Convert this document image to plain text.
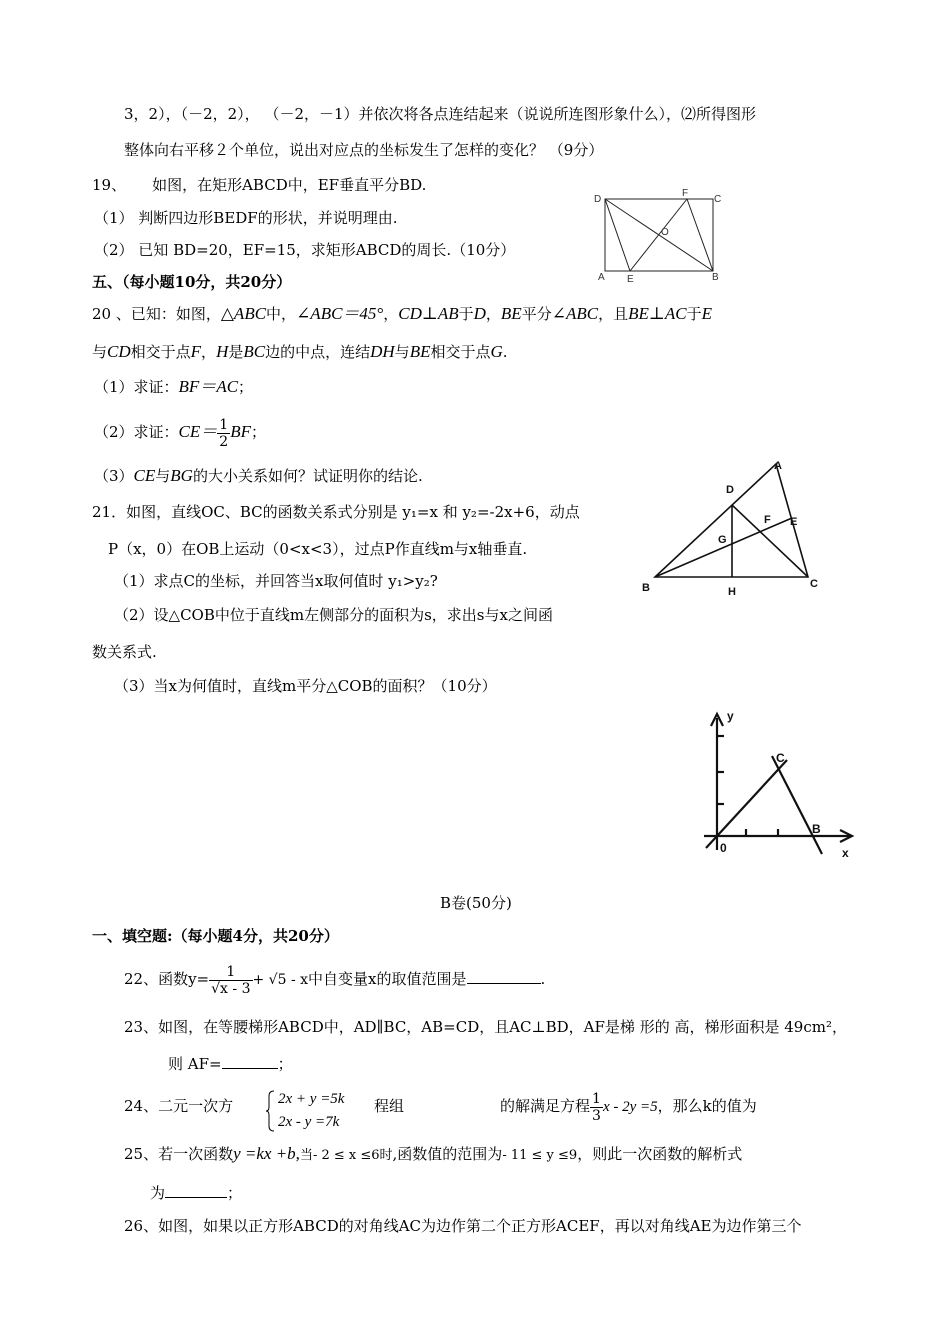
3，2），（－2，2）， （－2，－1）并依次将各点连结起来（说说所连图形象什么），⑵所得图形
整体向右平移２个单位，说出对应点的坐标发生了怎样的变化？ （9分）
19、 如图，在矩形ABCD中，EF垂直平分BD.
（1） 判断四边形BEDF的形状，并说明理由.
（2） 已知 BD=20，EF=15，求矩形ABCD的周长.（10分）
D
F
C
O
A E	B
五、（每小题10分，共20分）
20 、已知：如图，△ABC中，∠ABC＝45°，CD⊥AB于D，BE平分∠ABC，且BE⊥AC于E
与CD相交于点F，H是BC边的中点，连结DH与BE相交于点G.
（1）求证：BF＝AC；
（2）求证：$CE= \frac{1}{2}$ BF；
（3）CE与BG的大小关系如何？试证明你的结论.
A
D
F E
G
B	H
C
21．如图，直线OC、BC的函数关系式分别是 y₁=x 和 y₂=-2x+6，动点
P（x，0）在OB上运动（0<x<3），过点P作直线m与x轴垂直.
（1）求点C的坐标，并回答当x取何值时 y₁>y₂?
（2）设△COB中位于直线m左侧部分的面积为s，求出s与x之间函
数关系式.
（3）当x为何值时，直线m平分△COB的面积？（10分）
y
x
C
B
0
B卷(50分)
一、填空题:（每小题4分，共20分）
22、函数$y= \frac{1}{√x - 3} + √5 - x$中自变量x的取值范围是	.
23、如图，在等腰梯形ABCD中，AD∥BC，AB=CD，且AC⊥BD，AF是梯 形的 高，梯形面积是 49cm²，
则 AF=	；
24、二元一次方	2x + y =5k
2x - y =7k
程组	的解满足方程 $\frac{1}{3}$ x - 2y =5，那么k的值为
25、若一次函数y =kx +b,当- 2 ≤ x ≤6时,函数值的范围为- 11 ≤ y ≤9，则此一次函数的解析式
为	；
26、如图，如果以正方形ABCD的对角线AC为边作第二个正方形ACEF，再以对角线AE为边作第三个
